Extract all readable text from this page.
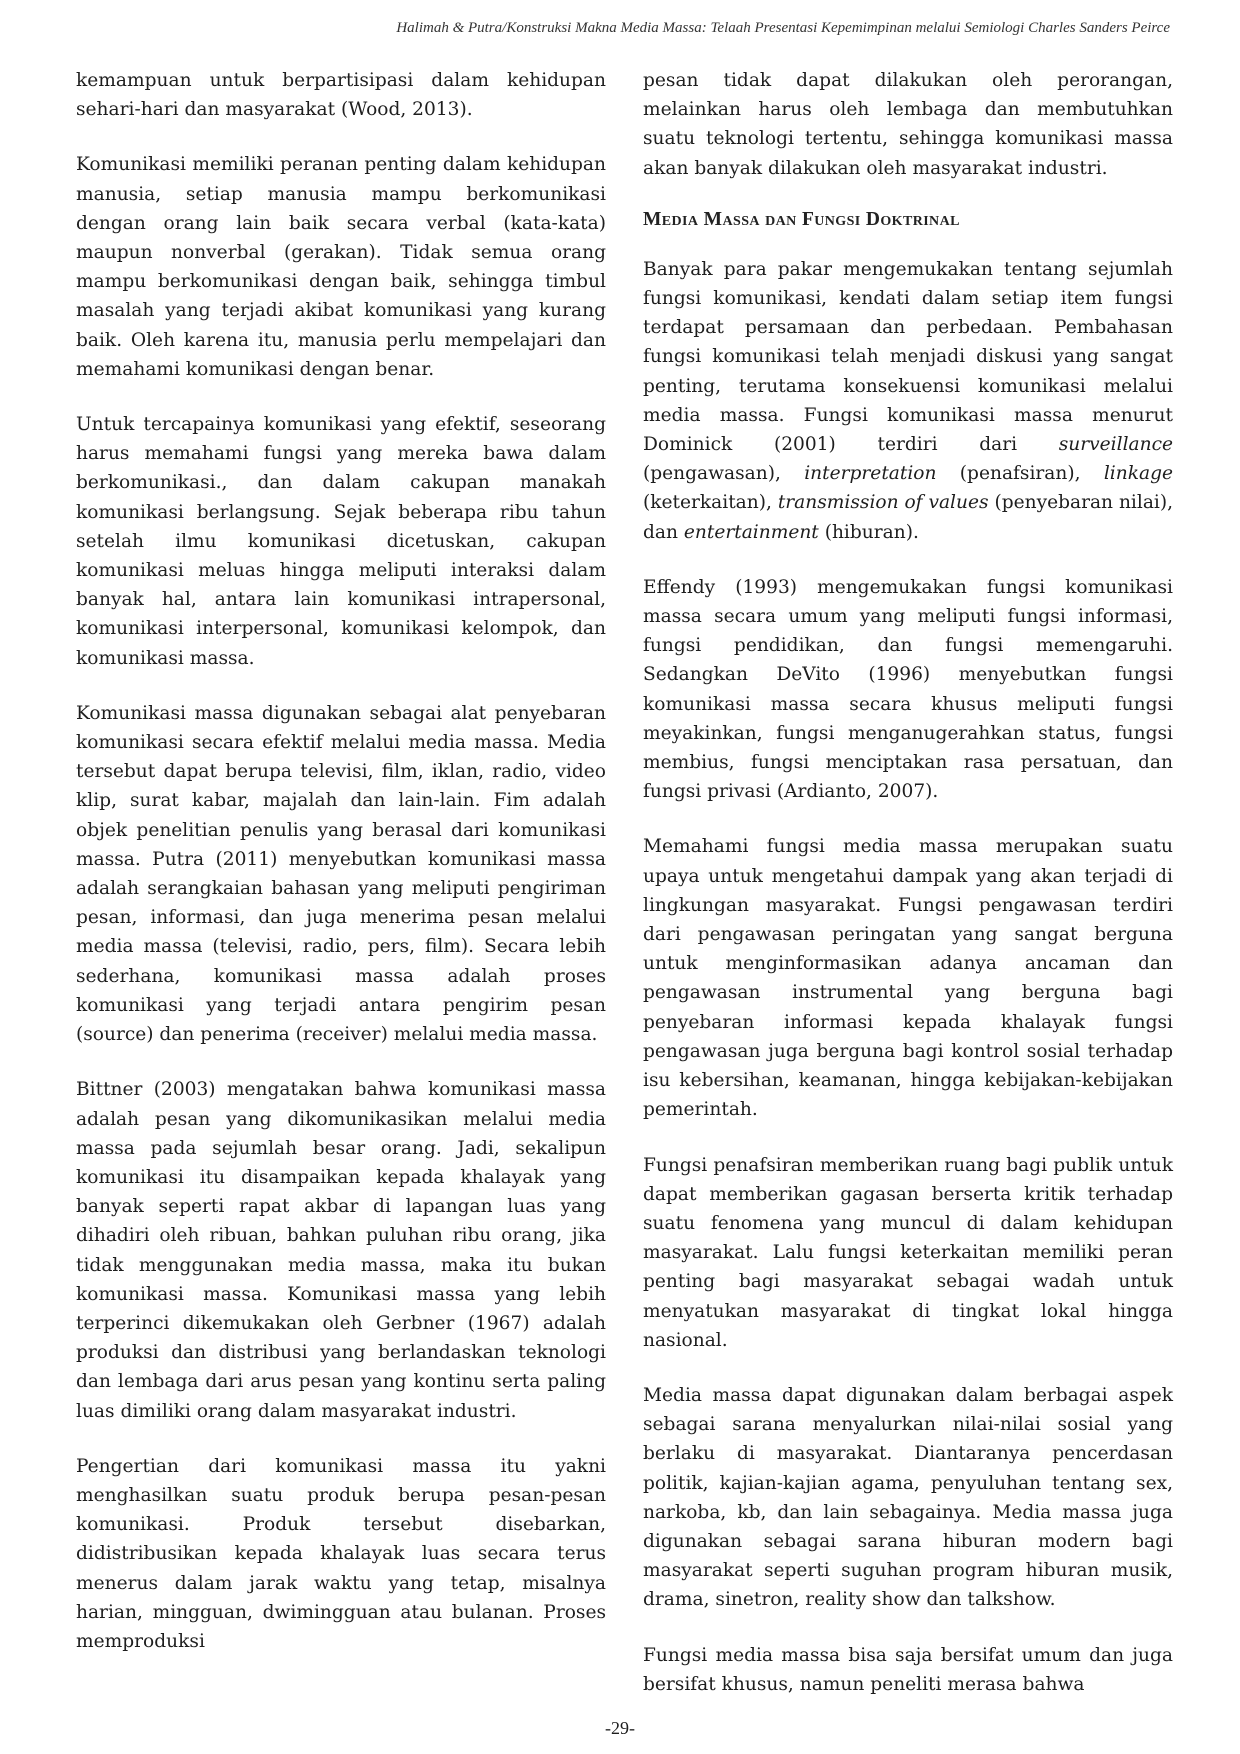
Halimah & Putra/Konstruksi Makna Media Massa: Telaah Presentasi Kepemimpinan melalui Semiologi Charles Sanders Peirce

kemampuan untuk berpartisipasi dalam kehidupan sehari-hari dan masyarakat (Wood, 2013).

Komunikasi memiliki peranan penting dalam kehidupan manusia, setiap manusia mampu berkomunikasi dengan orang lain baik secara verbal (kata-kata) maupun nonverbal (gerakan). Tidak semua orang mampu berkomunikasi dengan baik, sehingga timbul masalah yang terjadi akibat komunikasi yang kurang baik. Oleh karena itu, manusia perlu mempelajari dan memahami komunikasi dengan benar.

Untuk tercapainya komunikasi yang efektif, seseorang harus memahami fungsi yang mereka bawa dalam berkomunikasi., dan dalam cakupan manakah komunikasi berlangsung. Sejak beberapa ribu tahun setelah ilmu komunikasi dicetuskan, cakupan komunikasi meluas hingga meliputi interaksi dalam banyak hal, antara lain komunikasi intrapersonal, komunikasi interpersonal, komunikasi kelompok, dan komunikasi massa.

Komunikasi massa digunakan sebagai alat penyebaran komunikasi secara efektif melalui media massa. Media tersebut dapat berupa televisi, film, iklan, radio, video klip, surat kabar, majalah dan lain-lain. Fim adalah objek penelitian penulis yang berasal dari komunikasi massa. Putra (2011) menyebutkan komunikasi massa adalah serangkaian bahasan yang meliputi pengiriman pesan, informasi, dan juga menerima pesan melalui media massa (televisi, radio, pers, film). Secara lebih sederhana, komunikasi massa adalah proses komunikasi yang terjadi antara pengirim pesan (source) dan penerima (receiver) melalui media massa.

Bittner (2003) mengatakan bahwa komunikasi massa adalah pesan yang dikomunikasikan melalui media massa pada sejumlah besar orang. Jadi, sekalipun komunikasi itu disampaikan kepada khalayak yang banyak seperti rapat akbar di lapangan luas yang dihadiri oleh ribuan, bahkan puluhan ribu orang, jika tidak menggunakan media massa, maka itu bukan komunikasi massa. Komunikasi massa yang lebih terperinci dikemukakan oleh Gerbner (1967) adalah produksi dan distribusi yang berlandaskan teknologi dan lembaga dari arus pesan yang kontinu serta paling luas dimiliki orang dalam masyarakat industri.

Pengertian dari komunikasi massa itu yakni menghasilkan suatu produk berupa pesan-pesan komunikasi. Produk tersebut disebarkan, didistribusikan kepada khalayak luas secara terus menerus dalam jarak waktu yang tetap, misalnya harian, mingguan, dwimingguan atau bulanan. Proses memproduksi

pesan tidak dapat dilakukan oleh perorangan, melainkan harus oleh lembaga dan membutuhkan suatu teknologi tertentu, sehingga komunikasi massa akan banyak dilakukan oleh masyarakat industri.

Media Massa dan Fungsi Doktrinal

Banyak para pakar mengemukakan tentang sejumlah fungsi komunikasi, kendati dalam setiap item fungsi terdapat persamaan dan perbedaan. Pembahasan fungsi komunikasi telah menjadi diskusi yang sangat penting, terutama konsekuensi komunikasi melalui media massa. Fungsi komunikasi massa menurut Dominick (2001) terdiri dari surveillance (pengawasan), interpretation (penafsiran), linkage (keterkaitan), transmission of values (penyebaran nilai), dan entertainment (hiburan).

Effendy (1993) mengemukakan fungsi komunikasi massa secara umum yang meliputi fungsi informasi, fungsi pendidikan, dan fungsi memengaruhi. Sedangkan DeVito (1996) menyebutkan fungsi komunikasi massa secara khusus meliputi fungsi meyakinkan, fungsi menganugerahkan status, fungsi membius, fungsi menciptakan rasa persatuan, dan fungsi privasi (Ardianto, 2007).

Memahami fungsi media massa merupakan suatu upaya untuk mengetahui dampak yang akan terjadi di lingkungan masyarakat. Fungsi pengawasan terdiri dari pengawasan peringatan yang sangat berguna untuk menginformasikan adanya ancaman dan pengawasan instrumental yang berguna bagi penyebaran informasi kepada khalayak fungsi pengawasan juga berguna bagi kontrol sosial terhadap isu kebersihan, keamanan, hingga kebijakan-kebijakan pemerintah.

Fungsi penafsiran memberikan ruang bagi publik untuk dapat memberikan gagasan berserta kritik terhadap suatu fenomena yang muncul di dalam kehidupan masyarakat. Lalu fungsi keterkaitan memiliki peran penting bagi masyarakat sebagai wadah untuk menyatukan masyarakat di tingkat lokal hingga nasional.

Media massa dapat digunakan dalam berbagai aspek sebagai sarana menyalurkan nilai-nilai sosial yang berlaku di masyarakat. Diantaranya pencerdasan politik, kajian-kajian agama, penyuluhan tentang sex, narkoba, kb, dan lain sebagainya. Media massa juga digunakan sebagai sarana hiburan modern bagi masyarakat seperti suguhan program hiburan musik, drama, sinetron, reality show dan talkshow.

Fungsi media massa bisa saja bersifat umum dan juga bersifat khusus, namun peneliti merasa bahwa

-29-
